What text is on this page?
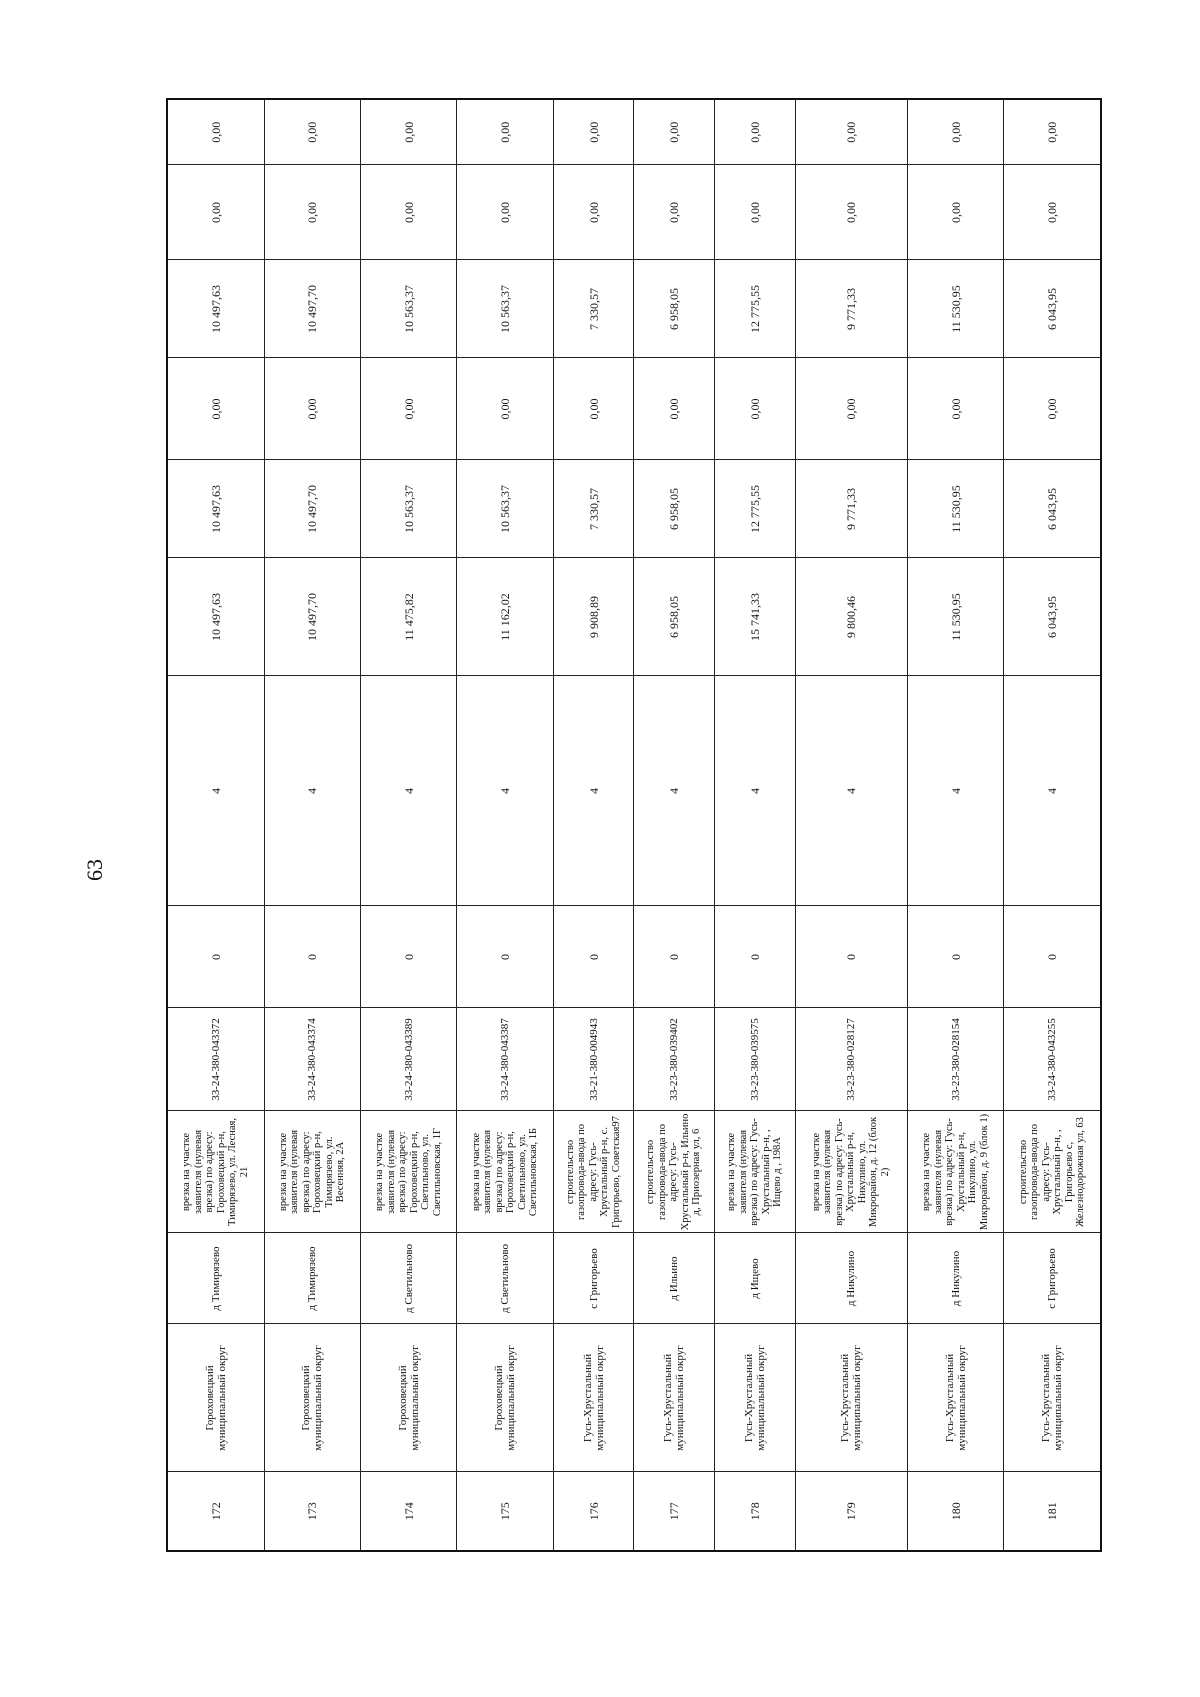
63
172	Гороховецкий муниципальный округ	д Тимирязево	врезка на участке заявителя (нулевая врезка) по адресу: Гороховецкий р-н, Тимирязево, ул. Лесная, 21	33-24-380-043372	0	4	10 497,63	10 497,63	0,00	10 497,63	0,00	0,00
173	Гороховецкий муниципальный округ	д Тимирязево	врезка на участке заявителя (нулевая врезка) по адресу: Гороховецкий р-н, Тимирязево, ул. Весенняя, 2А	33-24-380-043374	0	4	10 497,70	10 497,70	0,00	10 497,70	0,00	0,00
174	Гороховецкий муниципальный округ	д Светильново	врезка на участке заявителя (нулевая врезка) по адресу: Гороховецкий р-н, Светильново, ул. Светильновская, 1Г	33-24-380-043389	0	4	11 475,82	10 563,37	0,00	10 563,37	0,00	0,00
175	Гороховецкий муниципальный округ	д Светильново	врезка на участке заявителя (нулевая врезка) по адресу: Гороховецкий р-н, Светильново, ул. Светильновская, 1Б	33-24-380-043387	0	4	11 162,02	10 563,37	0,00	10 563,37	0,00	0,00
176	Гусь-Хрустальный муниципальный округ	с Григорьево	строительство газопровода-ввода по адресу: Гусь-Хрустальный р-н, с. Григорьево, Советская97	33-21-380-004943	0	4	9 908,89	7 330,57	0,00	7 330,57	0,00	0,00
177	Гусь-Хрустальный муниципальный округ	д Ильино	строительство газопровода-ввода по адресу: Гусь-Хрустальный р-н, Ильино д, Приозерная ул, 6	33-23-380-039402	0	4	6 958,05	6 958,05	0,00	6 958,05	0,00	0,00
178	Гусь-Хрустальный муниципальный округ	д Ищево	врезка на участке заявителя (нулевая врезка) по адресу: Гусь-Хрустальный р-н, , Ищево д , 198А	33-23-380-039575	0	4	15 741,33	12 775,55	0,00	12 775,55	0,00	0,00
179	Гусь-Хрустальный муниципальный округ	д Никулино	врезка на участке заявителя (нулевая врезка) по адресу: Гусь-Хрустальный р-н, Никулино, ул. Микрорайон, д. 12 (блок 2)	33-23-380-028127	0	4	9 800,46	9 771,33	0,00	9 771,33	0,00	0,00
180	Гусь-Хрустальный муниципальный округ	д Никулино	врезка на участке заявителя (нулевая врезка) по адресу: Гусь-Хрустальный р-н, Никулино, ул. Микрорайон, д. 9 (блок 1)	33-23-380-028154	0	4	11 530,95	11 530,95	0,00	11 530,95	0,00	0,00
181	Гусь-Хрустальный муниципальный округ	с Григорьево	строительство газопровода-ввода по адресу: Гусь-Хрустальный р-н, , Григорьево с, Железнодорожная ул, 63	33-24-380-043255	0	4	6 043,95	6 043,95	0,00	6 043,95	0,00	0,00
